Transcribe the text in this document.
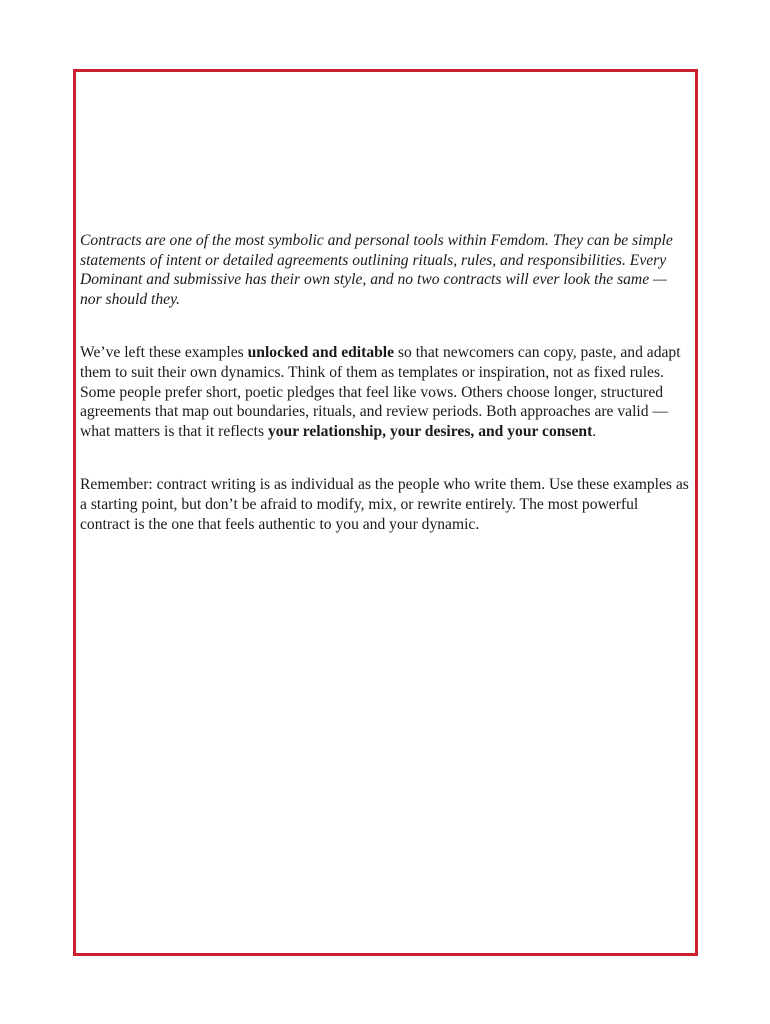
Contracts are one of the most symbolic and personal tools within Femdom. They can be simple statements of intent or detailed agreements outlining rituals, rules, and responsibilities. Every Dominant and submissive has their own style, and no two contracts will ever look the same — nor should they.

We’ve left these examples unlocked and editable so that newcomers can copy, paste, and adapt them to suit their own dynamics. Think of them as templates or inspiration, not as fixed rules. Some people prefer short, poetic pledges that feel like vows. Others choose longer, structured agreements that map out boundaries, rituals, and review periods. Both approaches are valid — what matters is that it reflects your relationship, your desires, and your consent.

Remember: contract writing is as individual as the people who write them. Use these examples as a starting point, but don’t be afraid to modify, mix, or rewrite entirely. The most powerful contract is the one that feels authentic to you and your dynamic.
